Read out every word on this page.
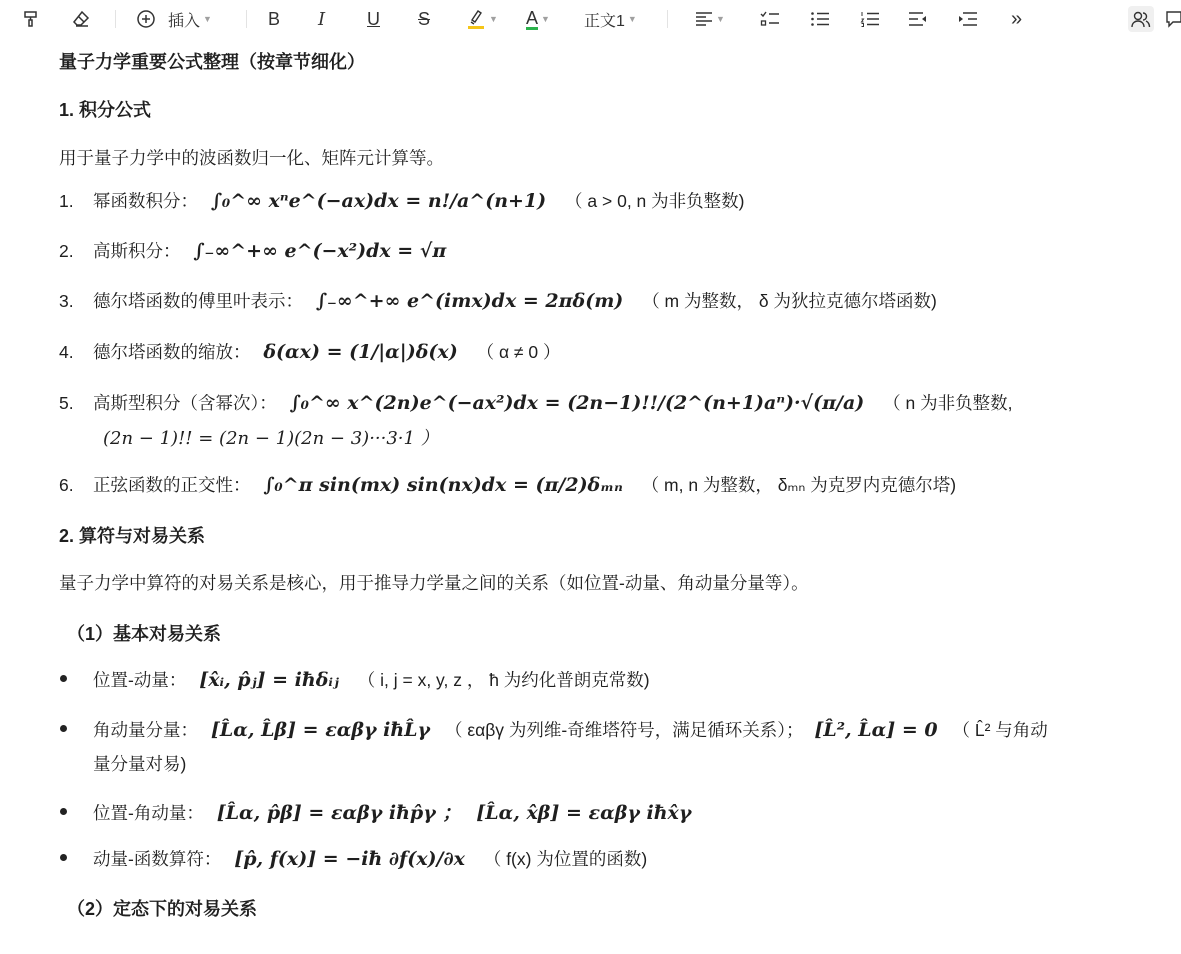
插入 ▼	B I U S	▼ A ▼ 正文1 ▼	▼	»
量子力学重要公式整理（按章节细化）
1. 积分公式
用于量子力学中的波函数归一化、矩阵元计算等。
1. 幂函数积分： ∫₀^∞ xⁿe^(−ax)dx = n!/a^(n+1) （ a > 0, n 为非负整数)
2. 高斯积分： ∫₋∞^+∞ e^(−x²)dx = √π
3. 德尔塔函数的傅里叶表示： ∫₋∞^+∞ e^(imx)dx = 2πδ(m) （ m 为整数， δ 为狄拉克德尔塔函数)
4. 德尔塔函数的缩放： δ(αx) = (1/|α|)δ(x) （ α ≠ 0 ）
5. 高斯型积分（含幂次）： ∫₀^∞ x^(2n)e^(−ax²)dx = (2n−1)!!/(2^(n+1)aⁿ)·√(π/a) （ n 为非负整数,
(2n − 1)!! = (2n − 1)(2n − 3)···3·1 ）
6. 正弦函数的正交性： ∫₀^π sin(mx) sin(nx)dx = (π/2)δₘₙ （ m, n 为整数， δₘₙ 为克罗内克德尔塔)
2. 算符与对易关系
量子力学中算符的对易关系是核心，用于推导力学量之间的关系（如位置-动量、角动量分量等）。
（1）基本对易关系
位置-动量： [x̂ᵢ, p̂ⱼ] = iħδᵢⱼ （ i, j = x, y, z ， ħ 为约化普朗克常数)
角动量分量： [L̂α, L̂β] = εαβγ iħL̂γ （ εαβγ 为列维-奇维塔符号，满足循环关系）； [L̂², L̂α] = 0 （ L̂² 与角动
量分量对易)
位置-角动量： [L̂α, p̂β] = εαβγ iħp̂γ ； [L̂α, x̂β] = εαβγ iħx̂γ
动量-函数算符： [p̂, f(x)] = −iħ ∂f(x)/∂x （ f(x) 为位置的函数)
（2）定态下的对易关系
